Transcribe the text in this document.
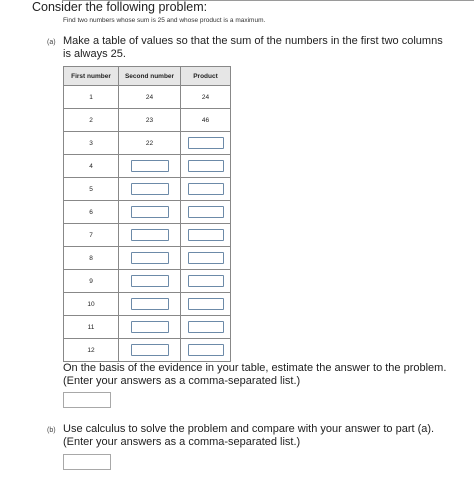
Consider the following problem:
Find two numbers whose sum is 25 and whose product is a maximum.
(a) Make a table of values so that the sum of the numbers in the first two columns
is always 25.
First number	Second number	Product
1	24	24
2	23	46
3	22	
4		
5		
6		
7		
8		
9		
10		
11		
12		
On the basis of the evidence in your table, estimate the answer to the problem.
(Enter your answers as a comma-separated list.)
(b) Use calculus to solve the problem and compare with your answer to part (a).
(Enter your answers as a comma-separated list.)
